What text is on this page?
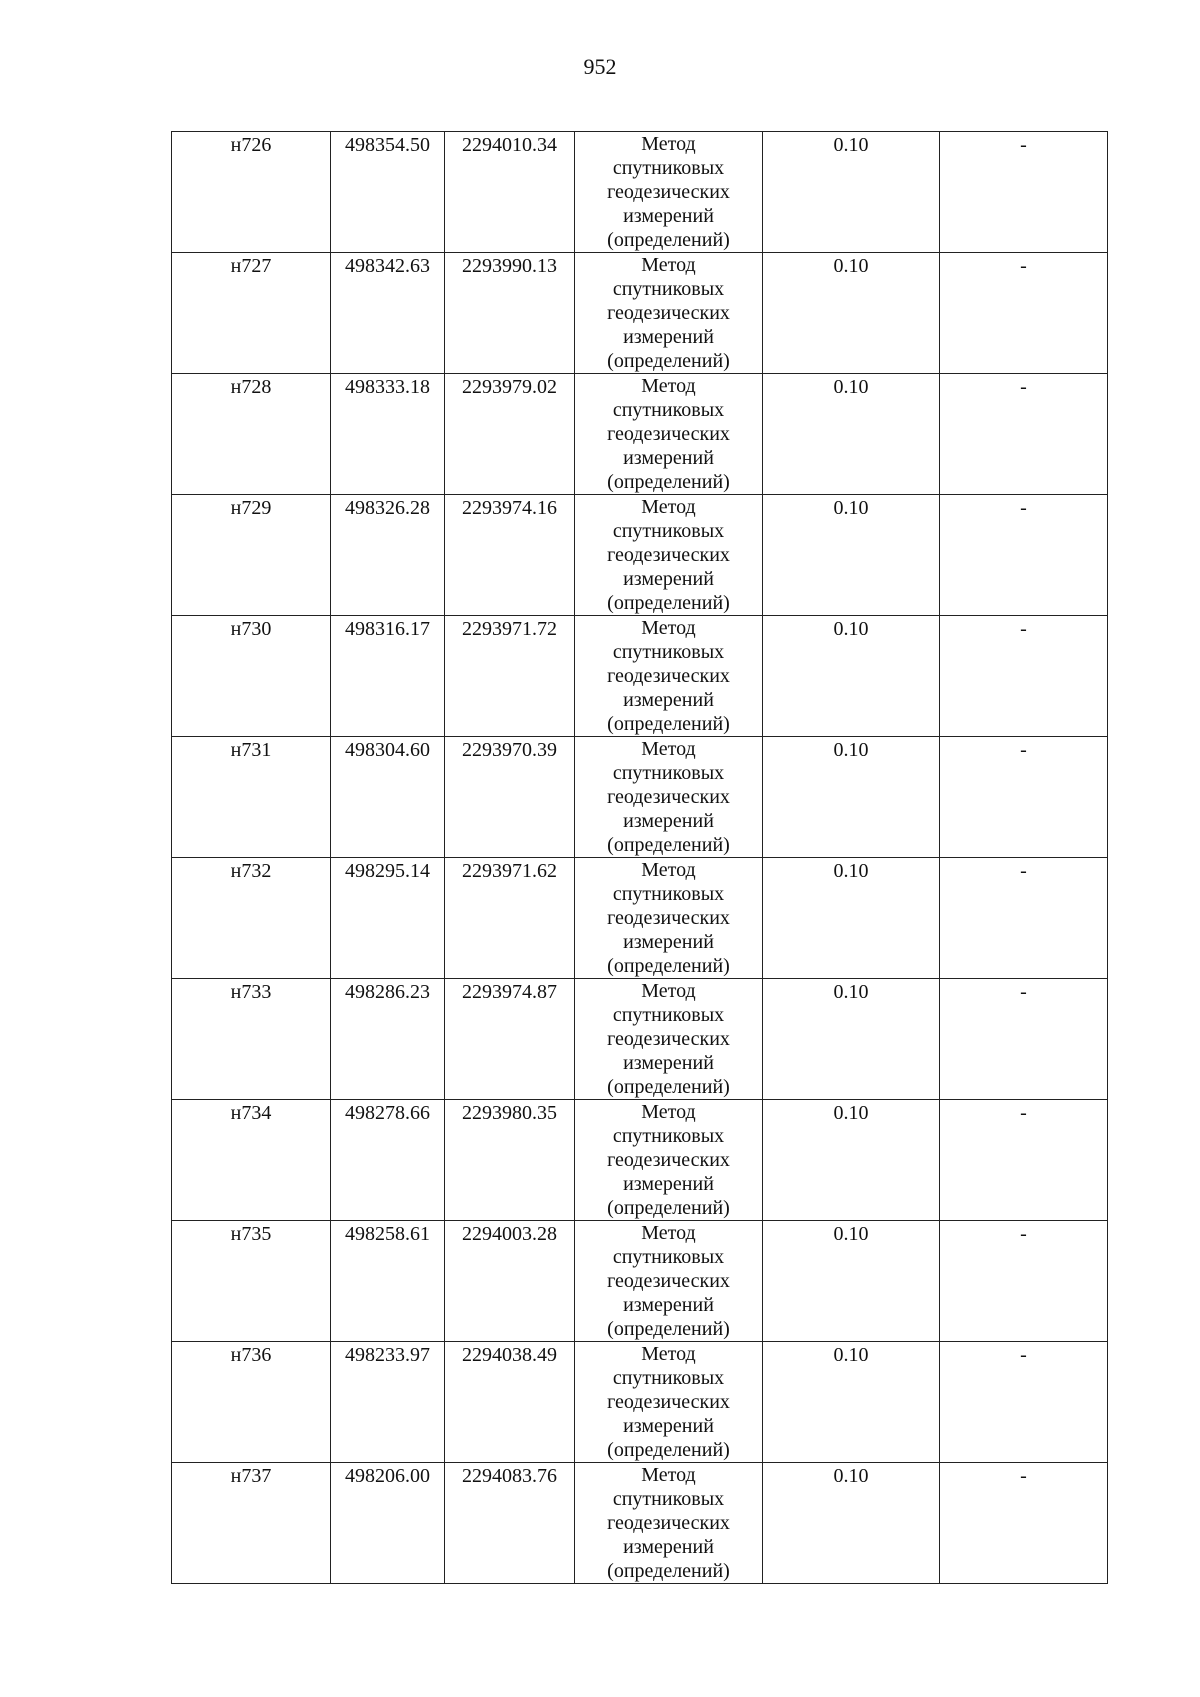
952
н726	498354.50	2294010.34	Метод
спутниковых
геодезических
измерений
(определений)	0.10	-
н727	498342.63	2293990.13	Метод
спутниковых
геодезических
измерений
(определений)	0.10	-
н728	498333.18	2293979.02	Метод
спутниковых
геодезических
измерений
(определений)	0.10	-
н729	498326.28	2293974.16	Метод
спутниковых
геодезических
измерений
(определений)	0.10	-
н730	498316.17	2293971.72	Метод
спутниковых
геодезических
измерений
(определений)	0.10	-
н731	498304.60	2293970.39	Метод
спутниковых
геодезических
измерений
(определений)	0.10	-
н732	498295.14	2293971.62	Метод
спутниковых
геодезических
измерений
(определений)	0.10	-
н733	498286.23	2293974.87	Метод
спутниковых
геодезических
измерений
(определений)	0.10	-
н734	498278.66	2293980.35	Метод
спутниковых
геодезических
измерений
(определений)	0.10	-
н735	498258.61	2294003.28	Метод
спутниковых
геодезических
измерений
(определений)	0.10	-
н736	498233.97	2294038.49	Метод
спутниковых
геодезических
измерений
(определений)	0.10	-
н737	498206.00	2294083.76	Метод
спутниковых
геодезических
измерений
(определений)	0.10	-
